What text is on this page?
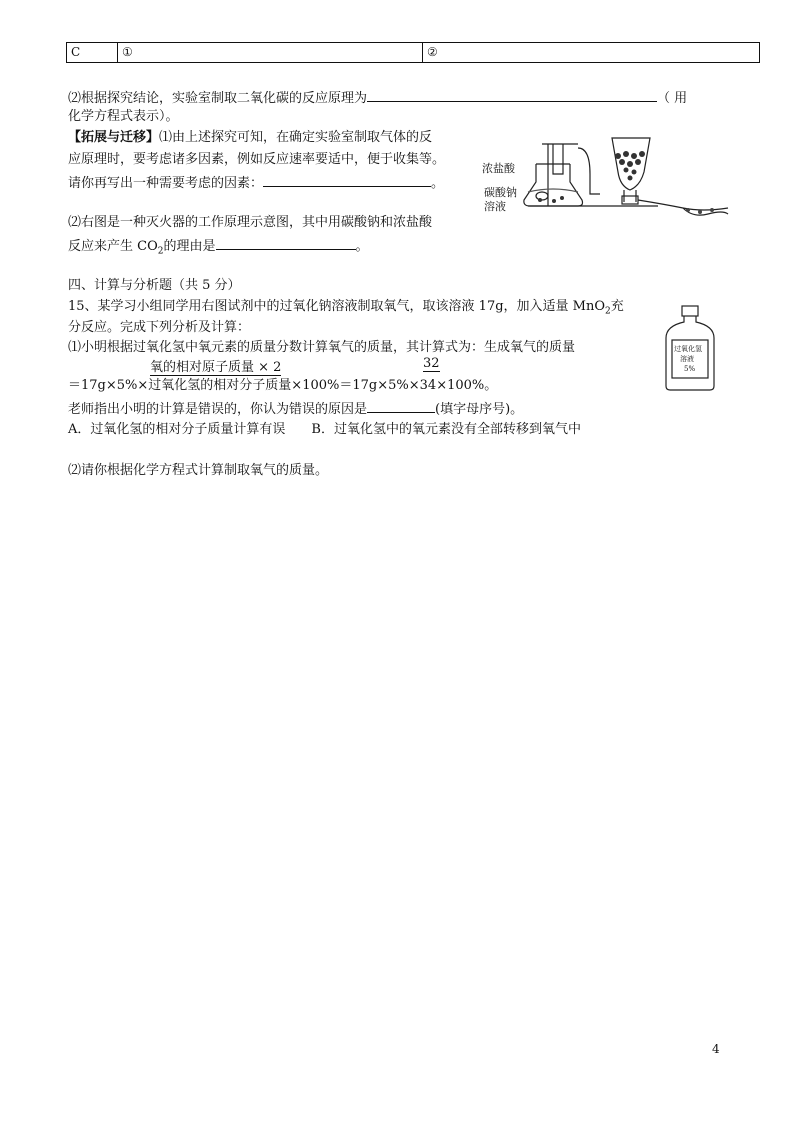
C	①	②
⑵根据探究结论，实验室制取二氧化碳的反应原理为	（ 用
化学方程式表示）。
【拓展与迁移】⑴由上述探究可知，在确定实验室制取气体的反
应原理时，要考虑诸多因素，例如反应速率要适中，便于收集等。
请你再写出一种需要考虑的因素：	。
⑵右图是一种灭火器的工作原理示意图，其中用碳酸钠和浓盐酸
反应来产生 $CO_2$的理由是	。
浓盐酸
碳酸钠
溶液
四、计算与分析题（共 5 分）
15、某学习小组同学用右图试剂中的过氧化钠溶液制取氧气，取该溶液 17g，加入适量 MnO$_2$充
分反应。完成下列分析及计算：
⑴小明根据过氧化氢中氧元素的质量分数计算氧气的质量，其计算式为：生成氧气的质量
氧的相对原子质量 × 2	32
＝17g×5%×过氧化氢的相对分子质量×100%＝17g×5%×34×100%。
老师指出小明的计算是错误的，你认为错误的原因是	(填字母序号)。
A．过氧化氢的相对分子质量计算有误 B．过氧化氢中的氧元素没有全部转移到氧气中
⑵请你根据化学方程式计算制取氧气的质量。
过氧化氢
溶液
5%
4
